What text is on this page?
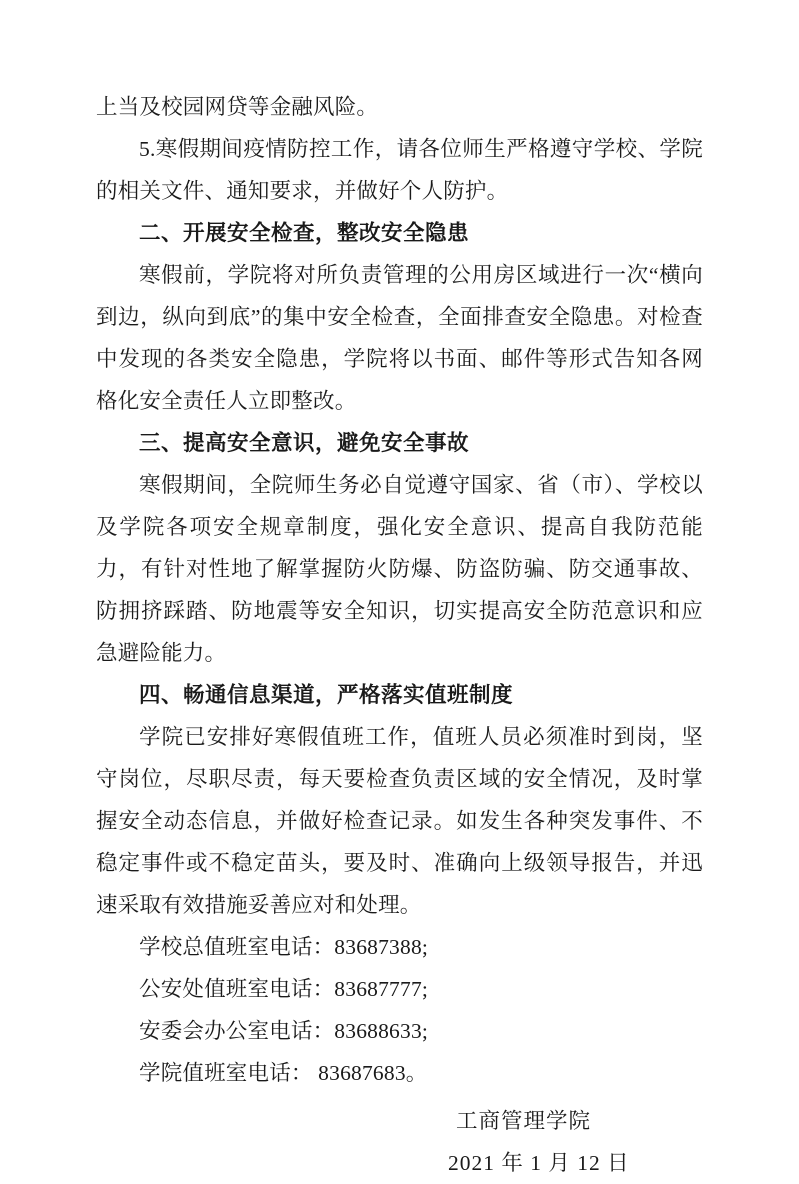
上当及校园网贷等金融风险。

5.寒假期间疫情防控工作，请各位师生严格遵守学校、学院的相关文件、通知要求，并做好个人防护。

二、开展安全检查，整改安全隐患

寒假前，学院将对所负责管理的公用房区域进行一次“横向到边，纵向到底”的集中安全检查，全面排查安全隐患。对检查中发现的各类安全隐患，学院将以书面、邮件等形式告知各网格化安全责任人立即整改。

三、提高安全意识，避免安全事故

寒假期间，全院师生务必自觉遵守国家、省（市）、学校以及学院各项安全规章制度，强化安全意识、提高自我防范能力，有针对性地了解掌握防火防爆、防盗防骗、防交通事故、防拥挤踩踏、防地震等安全知识，切实提高安全防范意识和应急避险能力。

四、畅通信息渠道，严格落实值班制度

学院已安排好寒假值班工作，值班人员必须准时到岗，坚守岗位，尽职尽责，每天要检查负责区域的安全情况，及时掌握安全动态信息，并做好检查记录。如发生各种突发事件、不稳定事件或不稳定苗头，要及时、准确向上级领导报告，并迅速采取有效措施妥善应对和处理。

学校总值班室电话：83687388;

公安处值班室电话：83687777;

安委会办公室电话：83688633;

学院值班室电话： 83687683。

工商管理学院

2021 年 1 月 12 日
